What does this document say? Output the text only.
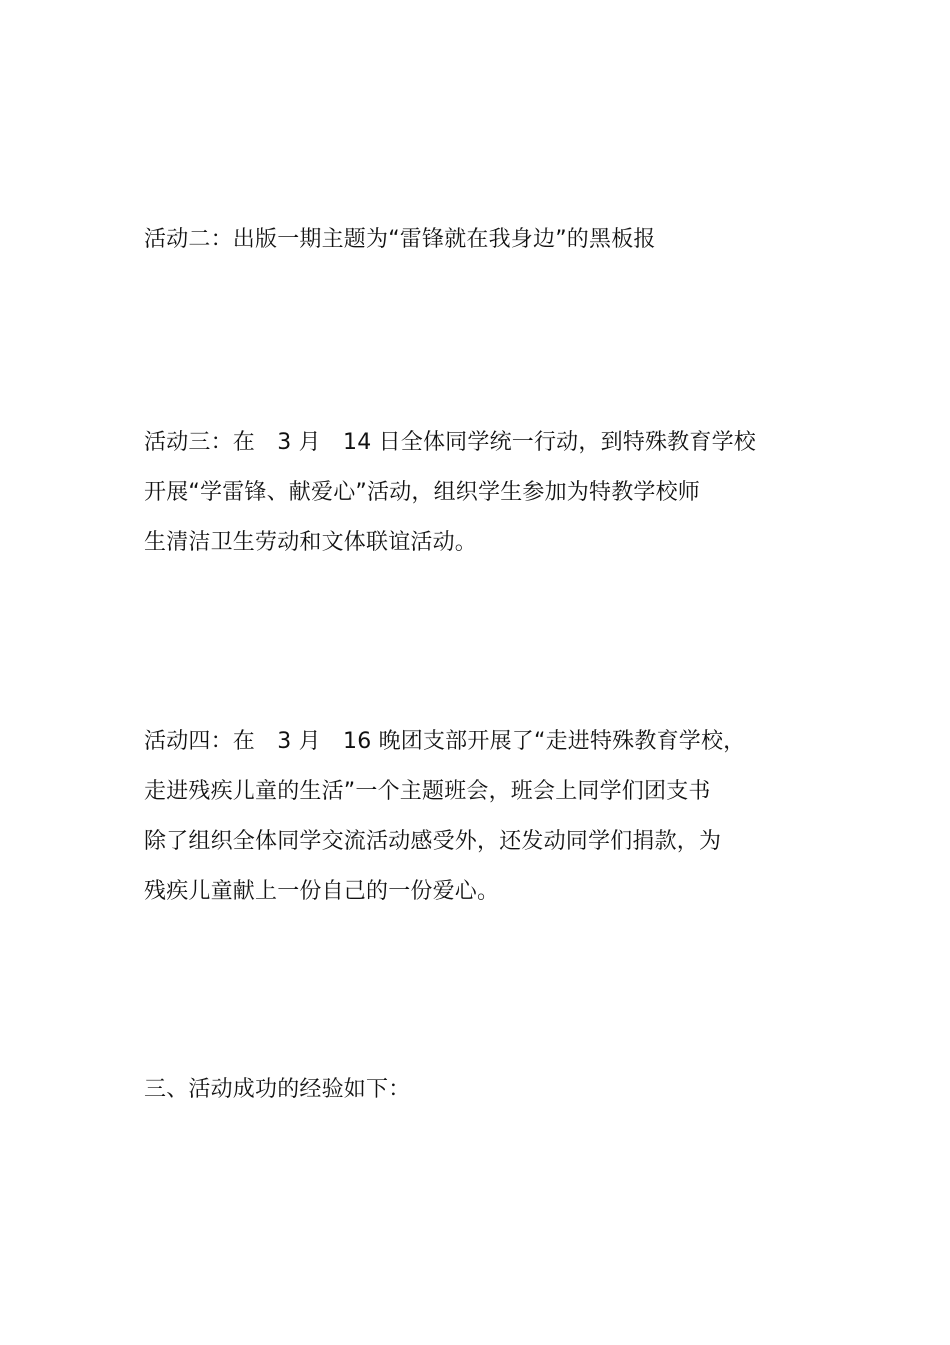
活动二：出版一期主题为“雷锋就在我身边”的黑板报

活动三：在　3 月　14 日全体同学统一行动，到特殊教育学校
开展“学雷锋、献爱心”活动，组织学生参加为特教学校师
生清洁卫生劳动和文体联谊活动。

活动四：在　3 月　16 晚团支部开展了“走进特殊教育学校，
走进残疾儿童的生活”一个主题班会，班会上同学们团支书
除了组织全体同学交流活动感受外，还发动同学们捐款，为
残疾儿童献上一份自己的一份爱心。

三、活动成功的经验如下：
